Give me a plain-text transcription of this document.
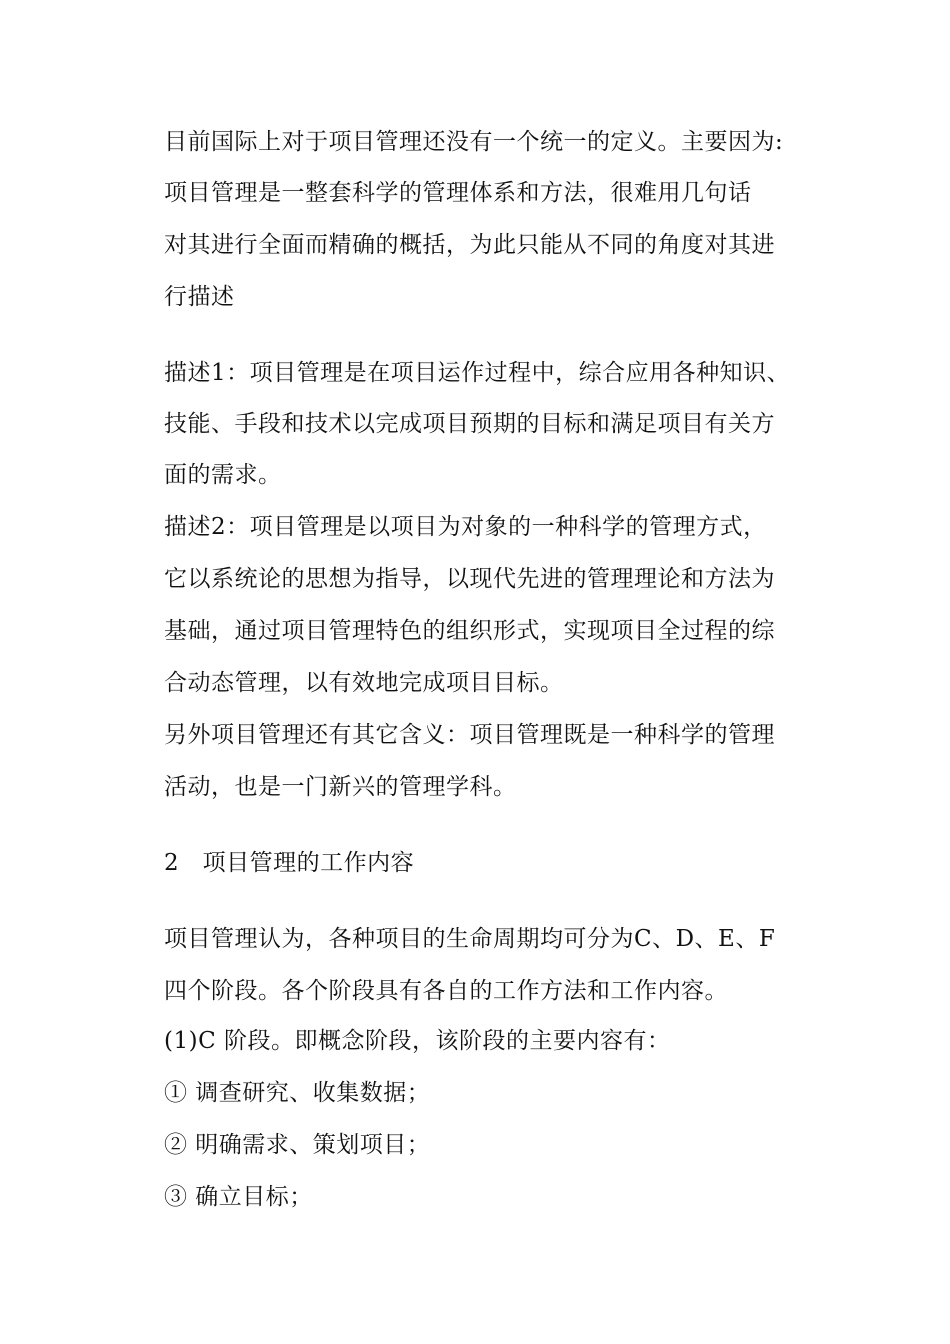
目前国际上对于项目管理还没有一个统一的定义。主要因为:
项目管理是一整套科学的管理体系和方法，很难用几句话
对其进行全面而精确的概括，为此只能从不同的角度对其进
行描述
描述1：项目管理是在项目运作过程中，综合应用各种知识、
技能、手段和技术以完成项目预期的目标和满足项目有关方
面的需求。
描述2：项目管理是以项目为对象的一种科学的管理方式，
它以系统论的思想为指导，以现代先进的管理理论和方法为
基础，通过项目管理特色的组织形式，实现项目全过程的综
合动态管理，以有效地完成项目目标。
另外项目管理还有其它含义：项目管理既是一种科学的管理
活动，也是一门新兴的管理学科。
2　项目管理的工作内容
项目管理认为，各种项目的生命周期均可分为C、D、E、F
四个阶段。各个阶段具有各自的工作方法和工作内容。
(1)C 阶段。即概念阶段，该阶段的主要内容有：
① 调查研究、收集数据；
② 明确需求、策划项目；
③ 确立目标；
